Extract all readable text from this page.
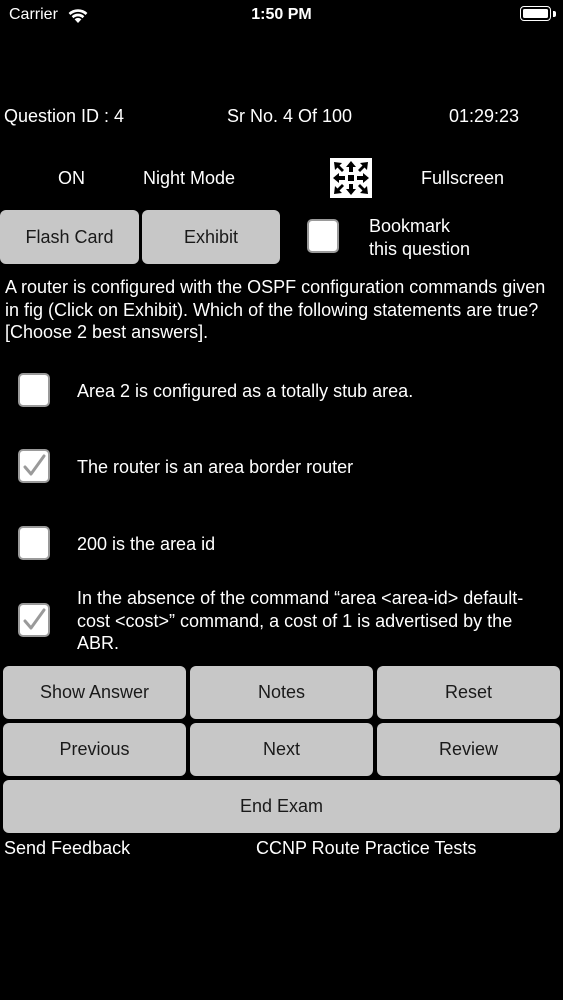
Carrier	1:50 PM
Question ID : 4	Sr No. 4 Of 100	01:29:23
ON	Night Mode	Fullscreen
Flash Card	Exhibit
Bookmark
this question
A router is configured with the OSPF configuration commands given in fig (Click on Exhibit). Which of the following statements are true? [Choose 2 best answers].
Area 2 is configured as a totally stub area.
The router is an area border router
200 is the area id
In the absence of the command “area <area-id> default-cost <cost>” command, a cost of 1 is advertised by the ABR.
Show Answer	Notes	Reset
Previous	Next	Review
End Exam
Send Feedback	CCNP Route Practice Tests
